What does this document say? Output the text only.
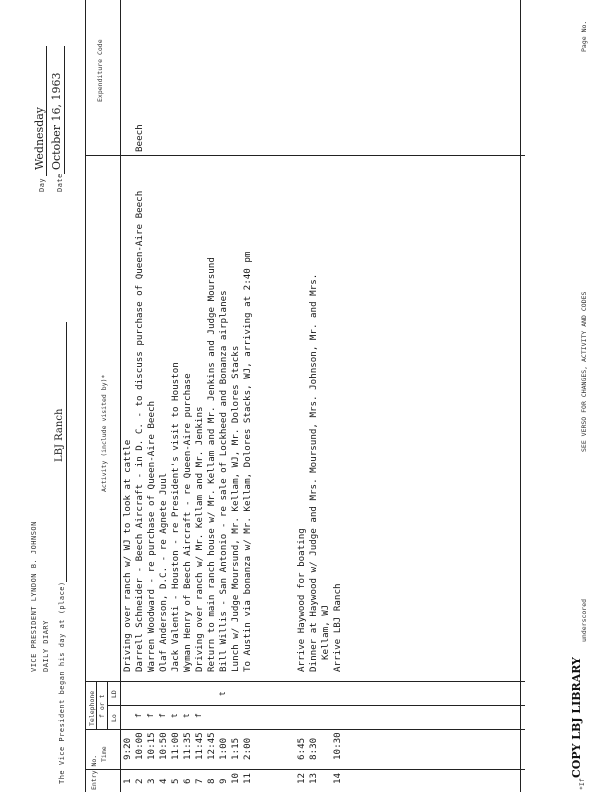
VICE PRESIDENT LYNDON B. JOHNSON DAILY DIARY The Vice President began his day at (place)
LBJ Ranch
Day
Wednesday
Date
October 16, 1963
Entry No.
Time
Telephone f or t
Lo
LD
Activity (include visited by)*
Expenditure Code
1
9:20
Driving over ranch w/ WJ to look at cattle
2
10:00
f
Darrell Schneider - Beech Aircraft - in D. C. - to discuss purchase of Queen-Aire Beech
Beech
3
10:15
f
Warren Woodward - re purchase of Queen-Aire Beech
4
10:50
f
Olaf Anderson, D.C. - re Agnete Juul
5
11:00
t
Jack Valenti - Houston - re President's visit to Houston
6
11:35
t
Wyman Henry of Beech Aircraft - re Queen-Aire purchase
7
11:45
f
Driving over ranch w/ Mr. Kellam and Mr. Jenkins
8
12:45
Return to main ranch house w/ Mr. Kellam and Mr. Jenkins and Judge Moursund
9
1:00
t
Bill Willis - San Antonio - re sale of Lockheed and Bonanza airplanes
10
1:15
Lunch w/ Judge Moursund, Mr. Kellam, WJ, Mr. Dolores Stacks
11
2:00
To Austin via bonanza w/ Mr. Kellam, Dolores Stacks, WJ, arriving at 2:40 pm
12
6:45
Arrive Haywood for boating
13
8:30
Dinner at Haywood w/ Judge and Mrs. Moursund, Mrs. Johnson, Mr. and Mrs. Kellam, WJ
14
10:30
Arrive LBJ Ranch
*If
COPY LBJ LIBRARY
underscored
SEE VERSO FOR CHANGES, ACTIVITY AND CODES
Page No.
